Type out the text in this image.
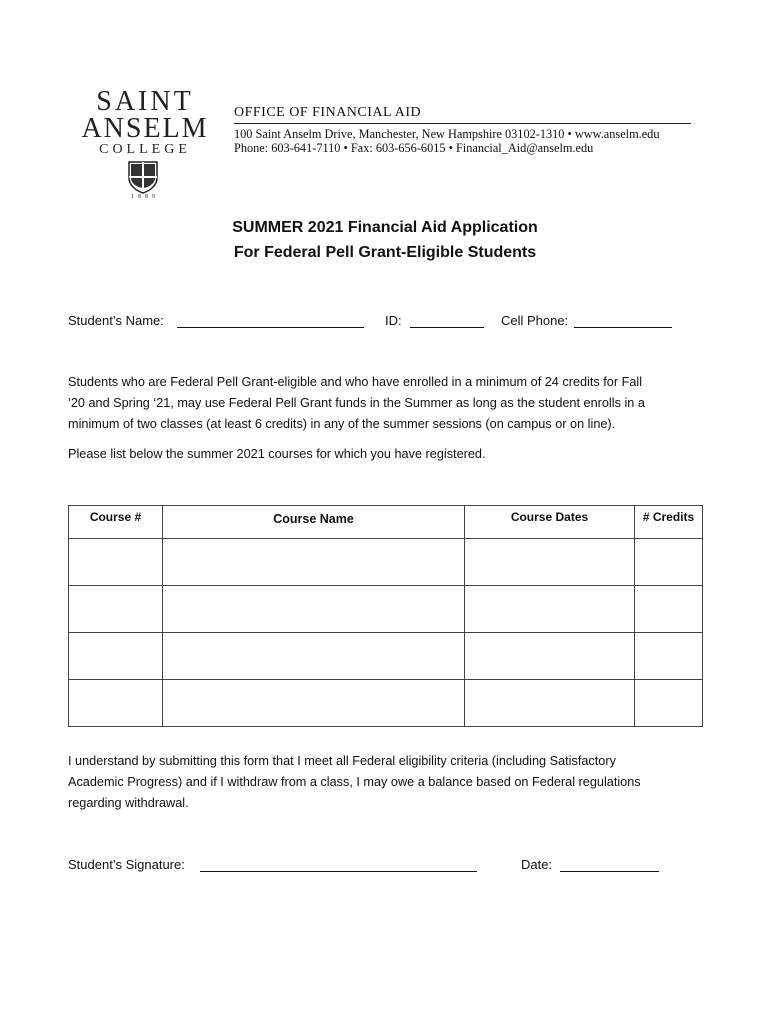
SAINT
ANSELM
COLLEGE
1889
OFFICE OF FINANCIAL AID
100 Saint Anselm Drive, Manchester, New Hampshire 03102-1310 • www.anselm.edu
Phone: 603-641-7110 • Fax: 603-656-6015 • Financial_Aid@anselm.edu
SUMMER 2021 Financial Aid Application
For Federal Pell Grant-Eligible Students
Student’s Name:	ID:	Cell Phone:
Students who are Federal Pell Grant-eligible and who have enrolled in a minimum of 24 credits for Fall
’20 and Spring ‘21, may use Federal Pell Grant funds in the Summer as long as the student enrolls in a
minimum of two classes (at least 6 credits) in any of the summer sessions (on campus or on line).
Please list below the summer 2021 courses for which you have registered.
Course #	Course Name	Course Dates	# Credits

I understand by submitting this form that I meet all Federal eligibility criteria (including Satisfactory
Academic Progress) and if I withdraw from a class, I may owe a balance based on Federal regulations
regarding withdrawal.
Student’s Signature:	Date:
